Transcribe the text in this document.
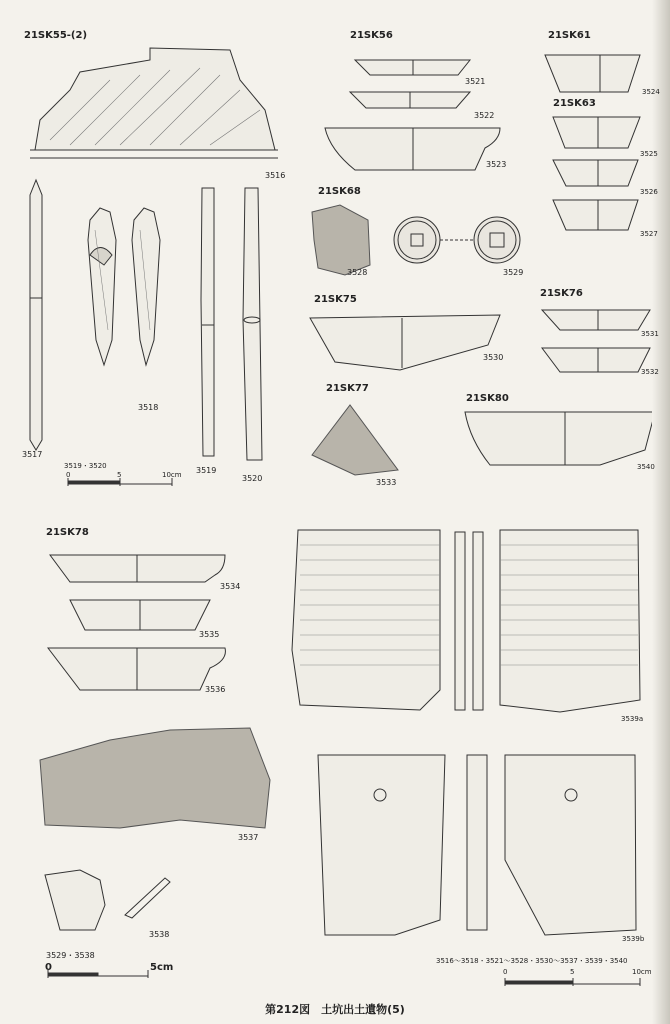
21SK55-(2)	21SK56	21SK61
21SK63
21SK68
21SK75
21SK76
21SK77
21SK80
21SK78
3516
3517
3518
3519
3520
3521
3522
3523
3524
3525
3526
3527
3528	3529
3530
3531
3532
3533
3534
3535
3536
3537
3538
3539a
3539b
3540
3519・3520
0	5	10cm
3529・3538
0	5cm
3516～3518・3521～3528・3530～3537・3539・3540
0	5	10cm
第212図　土坑出土遺物(5)
